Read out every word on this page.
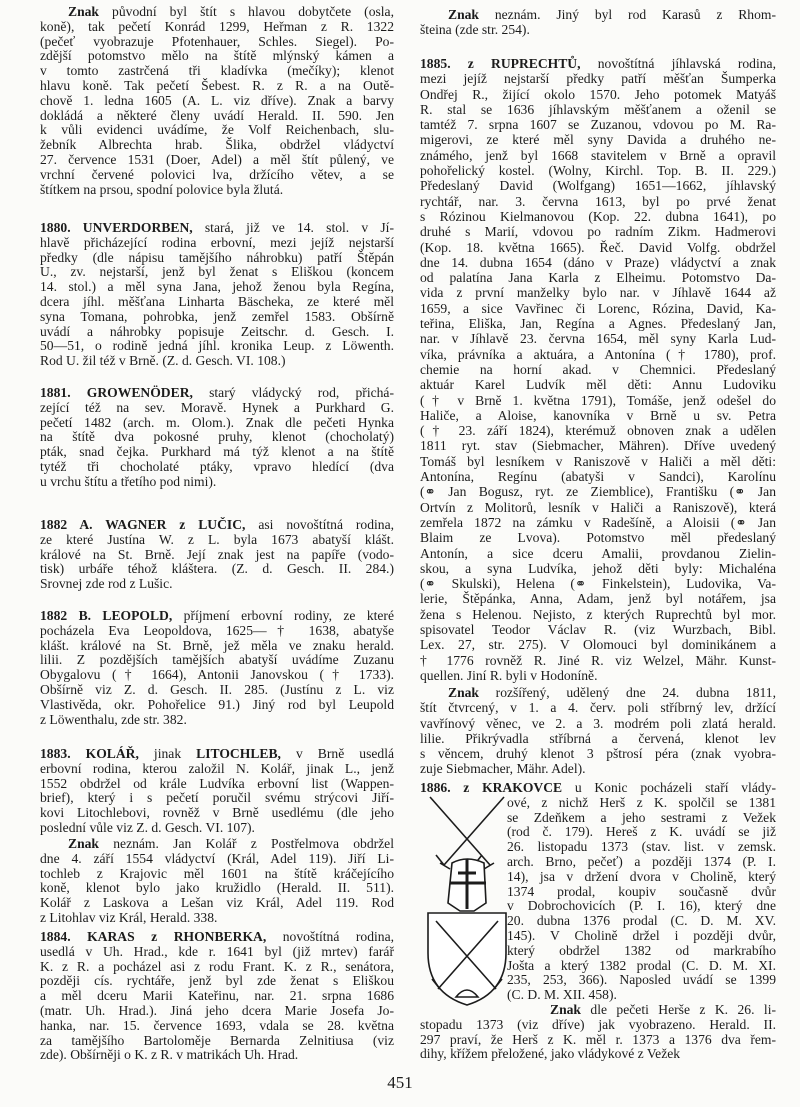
Znak původní byl štít s hlavou dobytčete (osla,
koně), tak pečetí Konrád 1299, Heřman z R. 1322
(pečeť vyobrazuje Pfotenhauer, Schles. Siegel). Po-
zdější potomstvo mělo na štítě mlýnský kámen a
v tomto zastrčená tři kladívka (mečíky); klenot
hlavu koně. Tak pečetí Šebest. R. z R. a na Outě-
chově 1. ledna 1605 (A. L. viz dříve). Znak a barvy
dokládá a některé členy uvádí Herald. II. 590. Jen
k vůli evidenci uvádíme, že Volf Reichenbach, slu-
žebník Albrechta hrab. Šlika, obdržel vládyctví
27. července 1531 (Doer, Adel) a měl štít půlený, ve
vrchní červené polovici lva, držícího větev, a se
štítkem na prsou, spodní polovice byla žlutá.
1880. UNVERDORBEN, stará, již ve 14. stol. v Jí-
hlavě přicházející rodina erbovní, mezi jejíž nejstarší
předky (dle nápisu tamějšího náhrobku) patří Štěpán
U., zv. nejstarší, jenž byl ženat s Eliškou (koncem
14. stol.) a měl syna Jana, jehož ženou byla Regína,
dcera jíhl. měšťana Linharta Bäscheka, ze které měl
syna Tomana, pohrobka, jenž zemřel 1583. Obšírně
uvádí a náhrobky popisuje Zeitschr. d. Gesch. I.
50—51, o rodině jedná jíhl. kronika Leup. z Löwenth.
Rod U. žil též v Brně. (Z. d. Gesch. VI. 108.)
1881. GROWENÖDER, starý vládycký rod, přichá-
zející též na sev. Moravě. Hynek a Purkhard G.
pečetí 1482 (arch. m. Olom.). Znak dle pečeti Hynka
na štítě dva pokosné pruhy, klenot (chocholatý)
pták, snad čejka. Purkhard má týž klenot a na štítě
tytéž tři chocholaté ptáky, vpravo hledící (dva
u vrchu štítu a třetího pod nimi).
1882 A. WAGNER z LUČIC, asi novoštítná rodina,
ze které Justína W. z L. byla 1673 abatyší klášt.
králové na St. Brně. Její znak jest na papíře (vodo-
tisk) urbáře téhož kláštera. (Z. d. Gesch. II. 284.)
Srovnej zde rod z Lušic.
1882 B. LEOPOLD, příjmení erbovní rodiny, ze které
pocházela Eva Leopoldova, 1625—† 1638, abatyše
klášt. králové na St. Brně, jež měla ve znaku herald.
lilii. Z pozdějších tamějších abatyší uvádíme Zuzanu
Obygalovu († 1664), Antonii Janovskou († 1733).
Obšírně viz Z. d. Gesch. II. 285. (Justínu z L. viz
Vlastivěda, okr. Pohořelice 91.) Jiný rod byl Leupold
z Löwenthalu, zde str. 382.
1883. KOLÁŘ, jinak LITOCHLEB, v Brně usedlá
erbovní rodina, kterou založil N. Kolář, jinak L., jenž
1552 obdržel od krále Ludvíka erbovní list (Wappen-
brief), který i s pečetí poručil svému strýcovi Jiří-
kovi Litochlebovi, rovněž v Brně usedlému (dle jeho
poslední vůle viz Z. d. Gesch. VI. 107).
Znak neznám. Jan Kolář z Postřelmova obdržel
dne 4. září 1554 vládyctví (Král, Adel 119). Jiří Li-
tochleb z Krajovic měl 1601 na štítě kráčejícího
koně, klenot bylo jako kružidlo (Herald. II. 511).
Kolář z Laskova a Lešan viz Král, Adel 119. Rod
z Litohlav viz Král, Herald. 338.
1884. KARAS z RHONBERKA, novoštítná rodina,
usedlá v Uh. Hrad., kde r. 1641 byl (již mrtev) farář
K. z R. a pocházel asi z rodu Frant. K. z R., senátora,
později cís. rychtáře, jenž byl zde ženat s Eliškou
a měl dceru Marii Kateřinu, nar. 21. srpna 1686
(matr. Uh. Hrad.). Jiná jeho dcera Marie Josefa Jo-
hanka, nar. 15. července 1693, vdala se 28. května
za tamějšího Bartoloměje Bernarda Zelnitiusa (viz
zde). Obšírněji o K. z R. v matrikách Uh. Hrad.
Znak neznám. Jiný byl rod Karasů z Rhom-
šteina (zde str. 254).
1885. z RUPRECHTŮ, novoštítná jíhlavská rodina,
mezi jejíž nejstarší předky patří měšťan Šumperka
Ondřej R., žijící okolo 1570. Jeho potomek Matyáš
R. stal se 1636 jíhlavským měšťanem a oženil se
tamtéž 7. srpna 1607 se Zuzanou, vdovou po M. Ra-
migerovi, ze které měl syny Davida a druhého ne-
známého, jenž byl 1668 stavitelem v Brně a opravil
pohořelický kostel. (Wolny, Kirchl. Top. B. II. 229.)
Předeslaný David (Wolfgang) 1651—1662, jíhlavský
rychtář, nar. 3. června 1613, byl po prvé ženat
s Rózinou Kielmanovou (Kop. 22. dubna 1641), po
druhé s Marií, vdovou po radním Zikm. Hadmerovi
(Kop. 18. května 1665). Řeč. David Volfg. obdržel
dne 14. dubna 1654 (dáno v Praze) vládyctví a znak
od palatína Jana Karla z Elheimu. Potomstvo Da-
vida z první manželky bylo nar. v Jíhlavě 1644 až
1659, a sice Vavřinec či Lorenc, Rózina, David, Ka-
teřina, Eliška, Jan, Regína a Agnes. Předeslaný Jan,
nar. v Jíhlavě 23. června 1654, měl syny Karla Lud-
víka, právníka a aktuára, a Antonína († 1780), prof.
chemie na horní akad. v Chemnici. Předeslaný
aktuár Karel Ludvík měl děti: Annu Ludoviku
(† v Brně 1. května 1791), Tomáše, jenž odešel do
Haliče, a Aloise, kanovníka v Brně u sv. Petra
(† 23. září 1824), kterémuž obnoven znak a udělen
1811 ryt. stav (Siebmacher, Mähren). Dříve uvedený
Tomáš byl lesníkem v Raniszově v Haliči a měl děti:
Antonína, Regínu (abatyši v Sandci), Karolínu
(⚭ Jan Bogusz, ryt. ze Ziemblice), Františku (⚭ Jan
Ortvín z Molitorů, lesník v Haliči a Raniszově), která
zemřela 1872 na zámku v Radešíně, a Aloisii (⚭ Jan
Blaim ze Lvova). Potomstvo měl předeslaný
Antonín, a sice dceru Amalii, provdanou Zielin-
skou, a syna Ludvíka, jehož děti byly: Michaléna
(⚭ Skulski), Helena (⚭ Finkelstein), Ludovika, Va-
lerie, Štěpánka, Anna, Adam, jenž byl notářem, jsa
žena s Helenou. Nejisto, z kterých Ruprechtů byl mor.
spisovatel Teodor Václav R. (viz Wurzbach, Bibl.
Lex. 27, str. 275). V Olomouci byl dominikánem a
† 1776 rovněž R. Jiné R. viz Welzel, Mähr. Kunst-
quellen. Jiní R. byli v Hodoníně.
Znak rozšířený, udělený dne 24. dubna 1811,
štít čtvrcený, v 1. a 4. červ. poli stříbrný lev, držící
vavřínový věnec, ve 2. a 3. modrém poli zlatá herald.
lilie. Přikrývadla stříbrná a červená, klenot lev
s věncem, druhý klenot 3 pštrosí péra (znak vyobra-
zuje Siebmacher, Mähr. Adel).
1886. z KRAKOVCE u Konic pocházeli staří vlády-
ové, z nichž Herš z K. spolčil se 1381
se Zdeňkem a jeho sestrami z Vežek
(rod č. 179). Hereš z K. uvádí se již
26. listopadu 1373 (stav. list. v zemsk.
arch. Brno, pečeť) a později 1374 (P. I.
14), jsa v držení dvora v Cholině, který
1374 prodal, koupiv současně dvůr
v Dobrochovicích (P. I. 16), který dne
20. dubna 1376 prodal (C. D. M. XV.
145). V Cholině držel i později dvůr,
který obdržel 1382 od markrabího
Jošta a který 1382 prodal (C. D. M. XI.
235, 253, 366). Naposled uvádí se 1399
(C. D. M. XII. 458).
Znak dle pečeti Herše z K. 26. li-
stopadu 1373 (viz dříve) jak vyobrazeno. Herald. II.
297 praví, že Herš z K. měl r. 1373 a 1376 dva řem-
dihy, křížem přeložené, jako vládykové z Vežek
451
